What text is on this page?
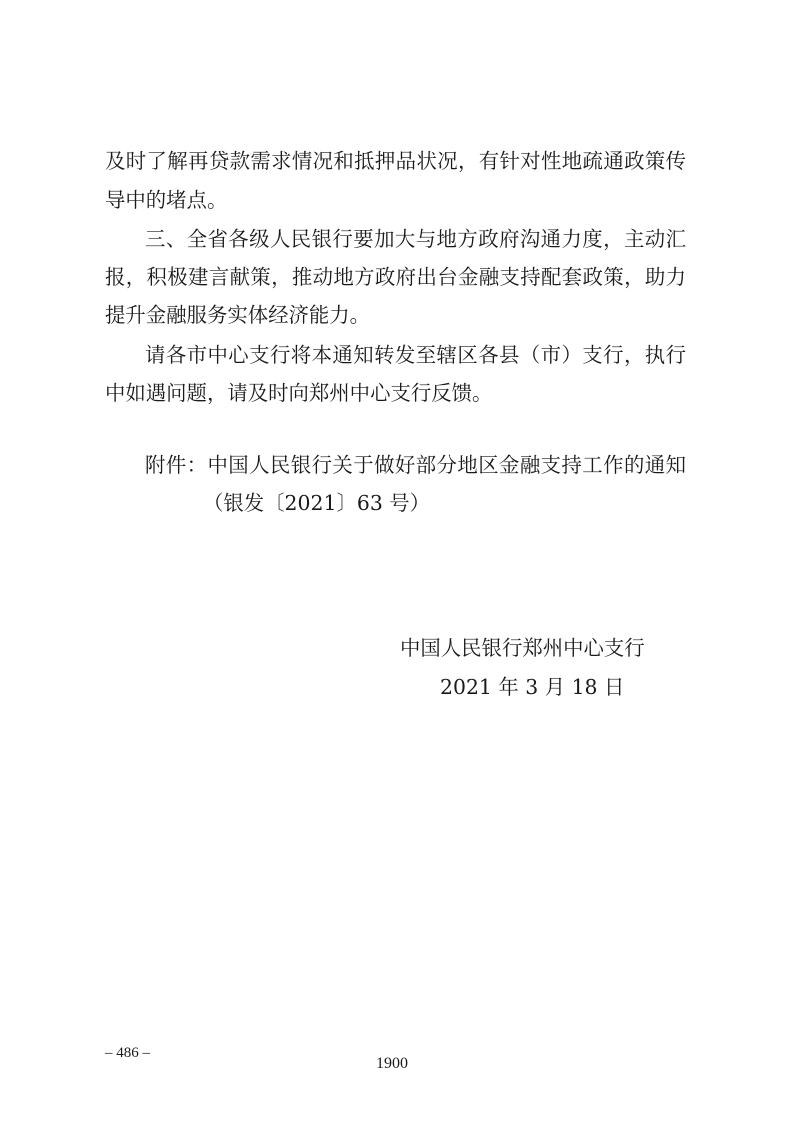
及时了解再贷款需求情况和抵押品状况，有针对性地疏通政策传
导中的堵点。
三、全省各级人民银行要加大与地方政府沟通力度，主动汇
报，积极建言献策，推动地方政府出台金融支持配套政策，助力
提升金融服务实体经济能力。
请各市中心支行将本通知转发至辖区各县（市）支行，执行
中如遇问题，请及时向郑州中心支行反馈。
附件：中国人民银行关于做好部分地区金融支持工作的通知
（银发〔2021〕63 号）
中国人民银行郑州中心支行
2021 年 3 月 18 日
– 486 –
1900
